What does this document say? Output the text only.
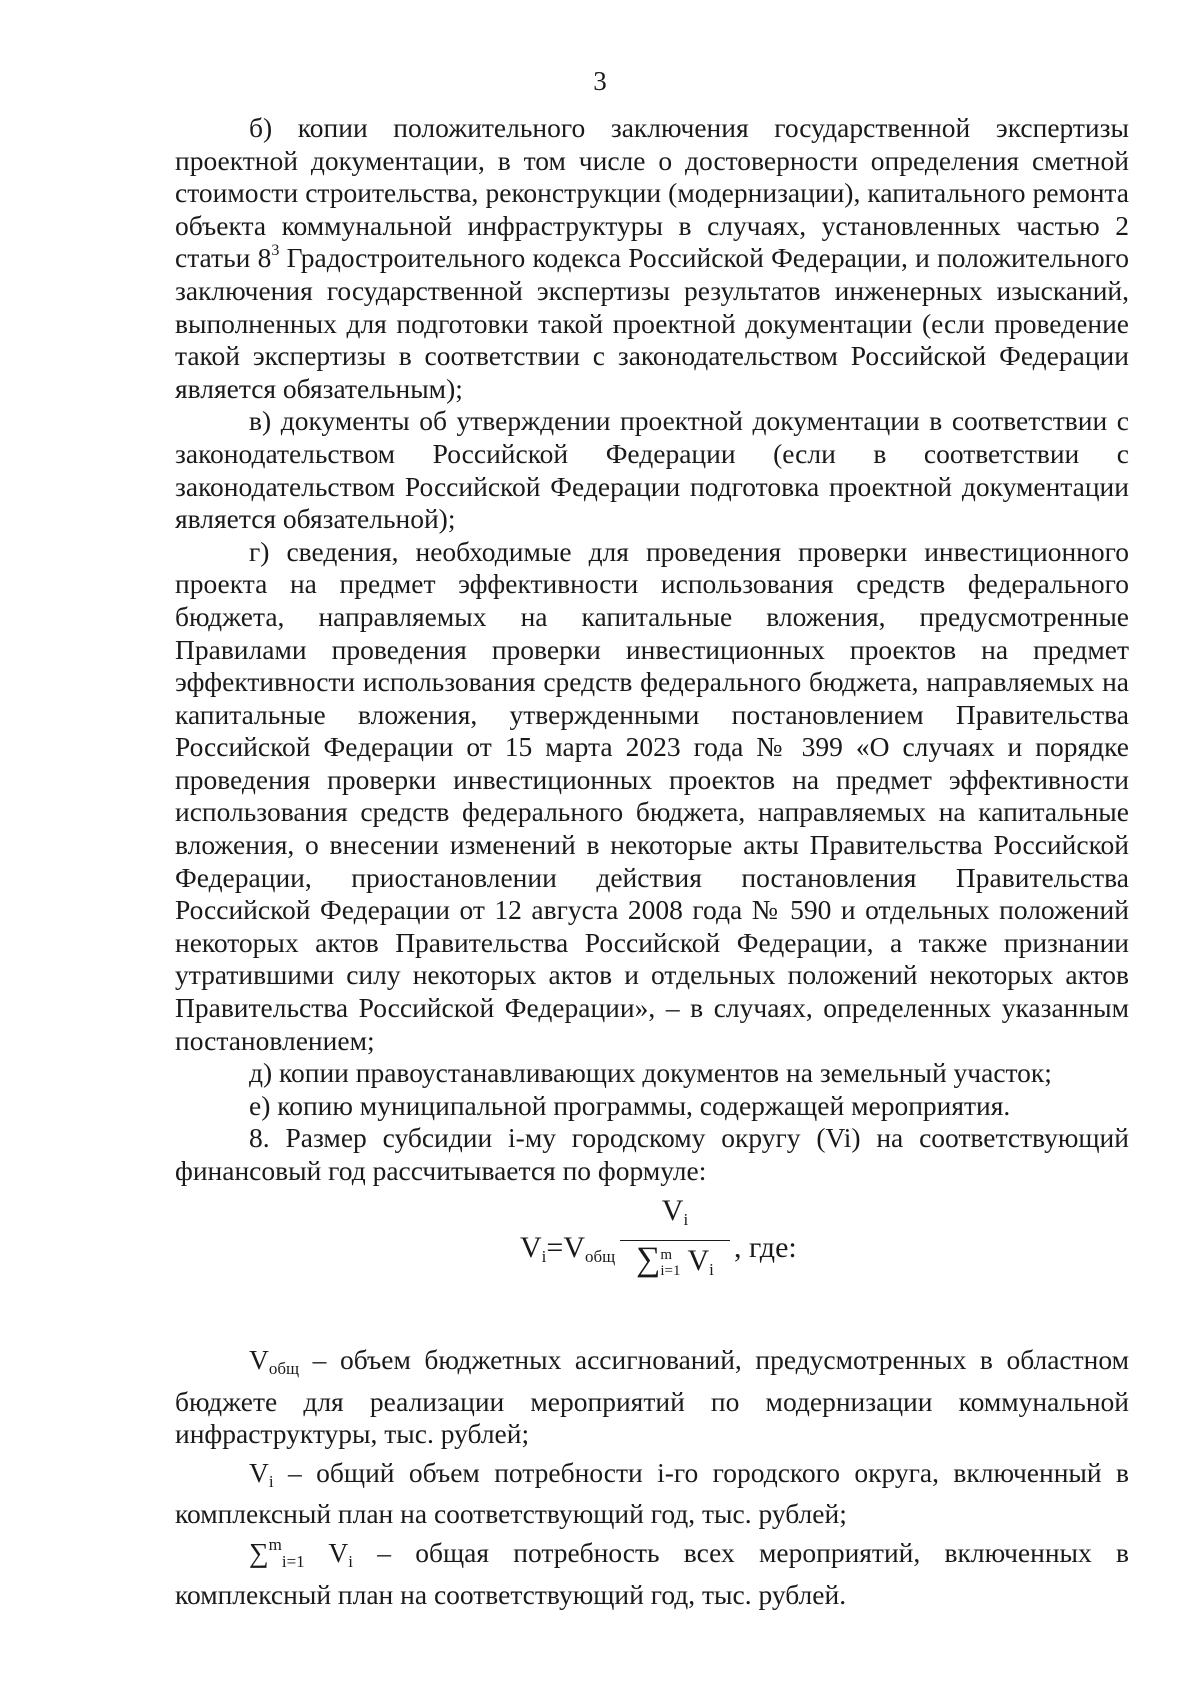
3

б) копии положительного заключения государственной экспертизы проектной документации, в том числе о достоверности определения сметной стоимости строительства, реконструкции (модернизации), капитального ремонта объекта коммунальной инфраструктуры в случаях, установленных частью 2 статьи $8^3$ Градостроительного кодекса Российской Федерации, и положительного заключения государственной экспертизы результатов инженерных изысканий, выполненных для подготовки такой проектной документации (если проведение такой экспертизы в соответствии с законодательством Российской Федерации является обязательным);

в) документы об утверждении проектной документации в соответствии с законодательством Российской Федерации (если в соответствии с законодательством Российской Федерации подготовка проектной документации является обязательной);

г) сведения, необходимые для проведения проверки инвестиционного проекта на предмет эффективности использования средств федерального бюджета, направляемых на капитальные вложения, предусмотренные Правилами проведения проверки инвестиционных проектов на предмет эффективности использования средств федерального бюджета, направляемых на капитальные вложения, утвержденными постановлением Правительства Российской Федерации от 15 марта 2023 года № 399 «О случаях и порядке проведения проверки инвестиционных проектов на предмет эффективности использования средств федерального бюджета, направляемых на капитальные вложения, о внесении изменений в некоторые акты Правительства Российской Федерации, приостановлении действия постановления Правительства Российской Федерации от 12 августа 2008 года № 590 и отдельных положений некоторых актов Правительства Российской Федерации, а также признании утратившими силу некоторых актов и отдельных положений некоторых актов Правительства Российской Федерации», – в случаях, определенных указанным постановлением;

д) копии правоустанавливающих документов на земельный участок;

е) копию муниципальной программы, содержащей мероприятия.

8. Размер субсидии i-му городскому округу (Vi) на соответствующий финансовый год рассчитывается по формуле:

$V_i=V_{общ}$
$V_i$
∑m
i=1 $V_i$
, где:

$V_{общ}$ – объем бюджетных ассигнований, предусмотренных в областном бюджете для реализации мероприятий по модернизации коммунальной инфраструктуры, тыс. рублей;

$V_i$ – общий объем потребности i-го городского округа, включенный в комплексный план на соответствующий год, тыс. рублей;

∑$^m_{i=1}$ $V_i$ – общая потребность всех мероприятий, включенных в комплексный план на соответствующий год, тыс. рублей.
